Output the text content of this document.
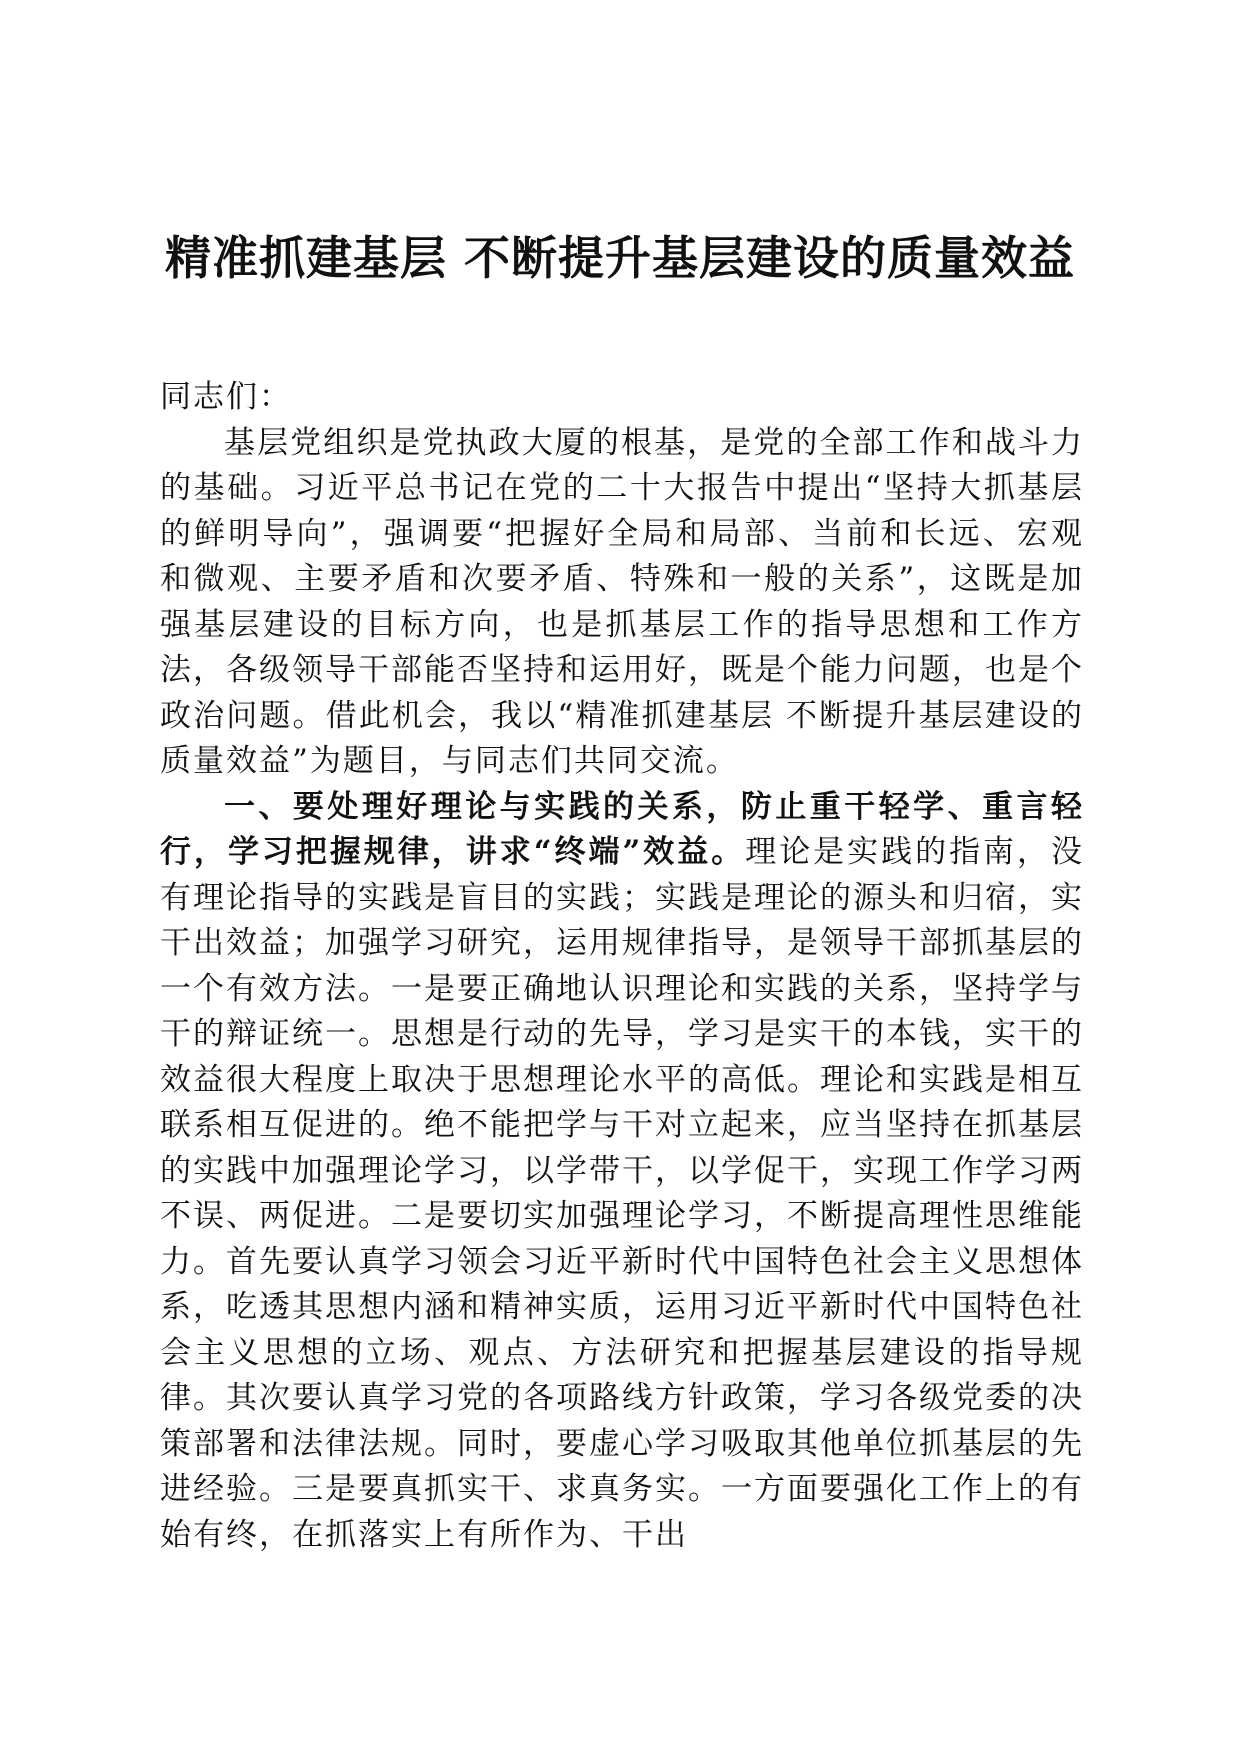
精准抓建基层 不断提升基层建设的质量效益

同志们：

基层党组织是党执政大厦的根基，是党的全部工作和战斗力的基础。习近平总书记在党的二十大报告中提出“坚持大抓基层的鲜明导向”，强调要“把握好全局和局部、当前和长远、宏观和微观、主要矛盾和次要矛盾、特殊和一般的关系”，这既是加强基层建设的目标方向，也是抓基层工作的指导思想和工作方法，各级领导干部能否坚持和运用好，既是个能力问题，也是个政治问题。借此机会，我以“精准抓建基层 不断提升基层建设的质量效益”为题目，与同志们共同交流。

一、要处理好理论与实践的关系，防止重干轻学、重言轻行，学习把握规律，讲求“终端”效益。理论是实践的指南，没有理论指导的实践是盲目的实践；实践是理论的源头和归宿，实干出效益；加强学习研究，运用规律指导，是领导干部抓基层的一个有效方法。一是要正确地认识理论和实践的关系，坚持学与干的辩证统一。思想是行动的先导，学习是实干的本钱，实干的效益很大程度上取决于思想理论水平的高低。理论和实践是相互联系相互促进的。绝不能把学与干对立起来，应当坚持在抓基层的实践中加强理论学习，以学带干，以学促干，实现工作学习两不误、两促进。二是要切实加强理论学习，不断提高理性思维能力。首先要认真学习领会习近平新时代中国特色社会主义思想体系，吃透其思想内涵和精神实质，运用习近平新时代中国特色社会主义思想的立场、观点、方法研究和把握基层建设的指导规律。其次要认真学习党的各项路线方针政策，学习各级党委的决策部署和法律法规。同时，要虚心学习吸取其他单位抓基层的先进经验。三是要真抓实干、求真务实。一方面要强化工作上的有始有终，在抓落实上有所作为、干出
